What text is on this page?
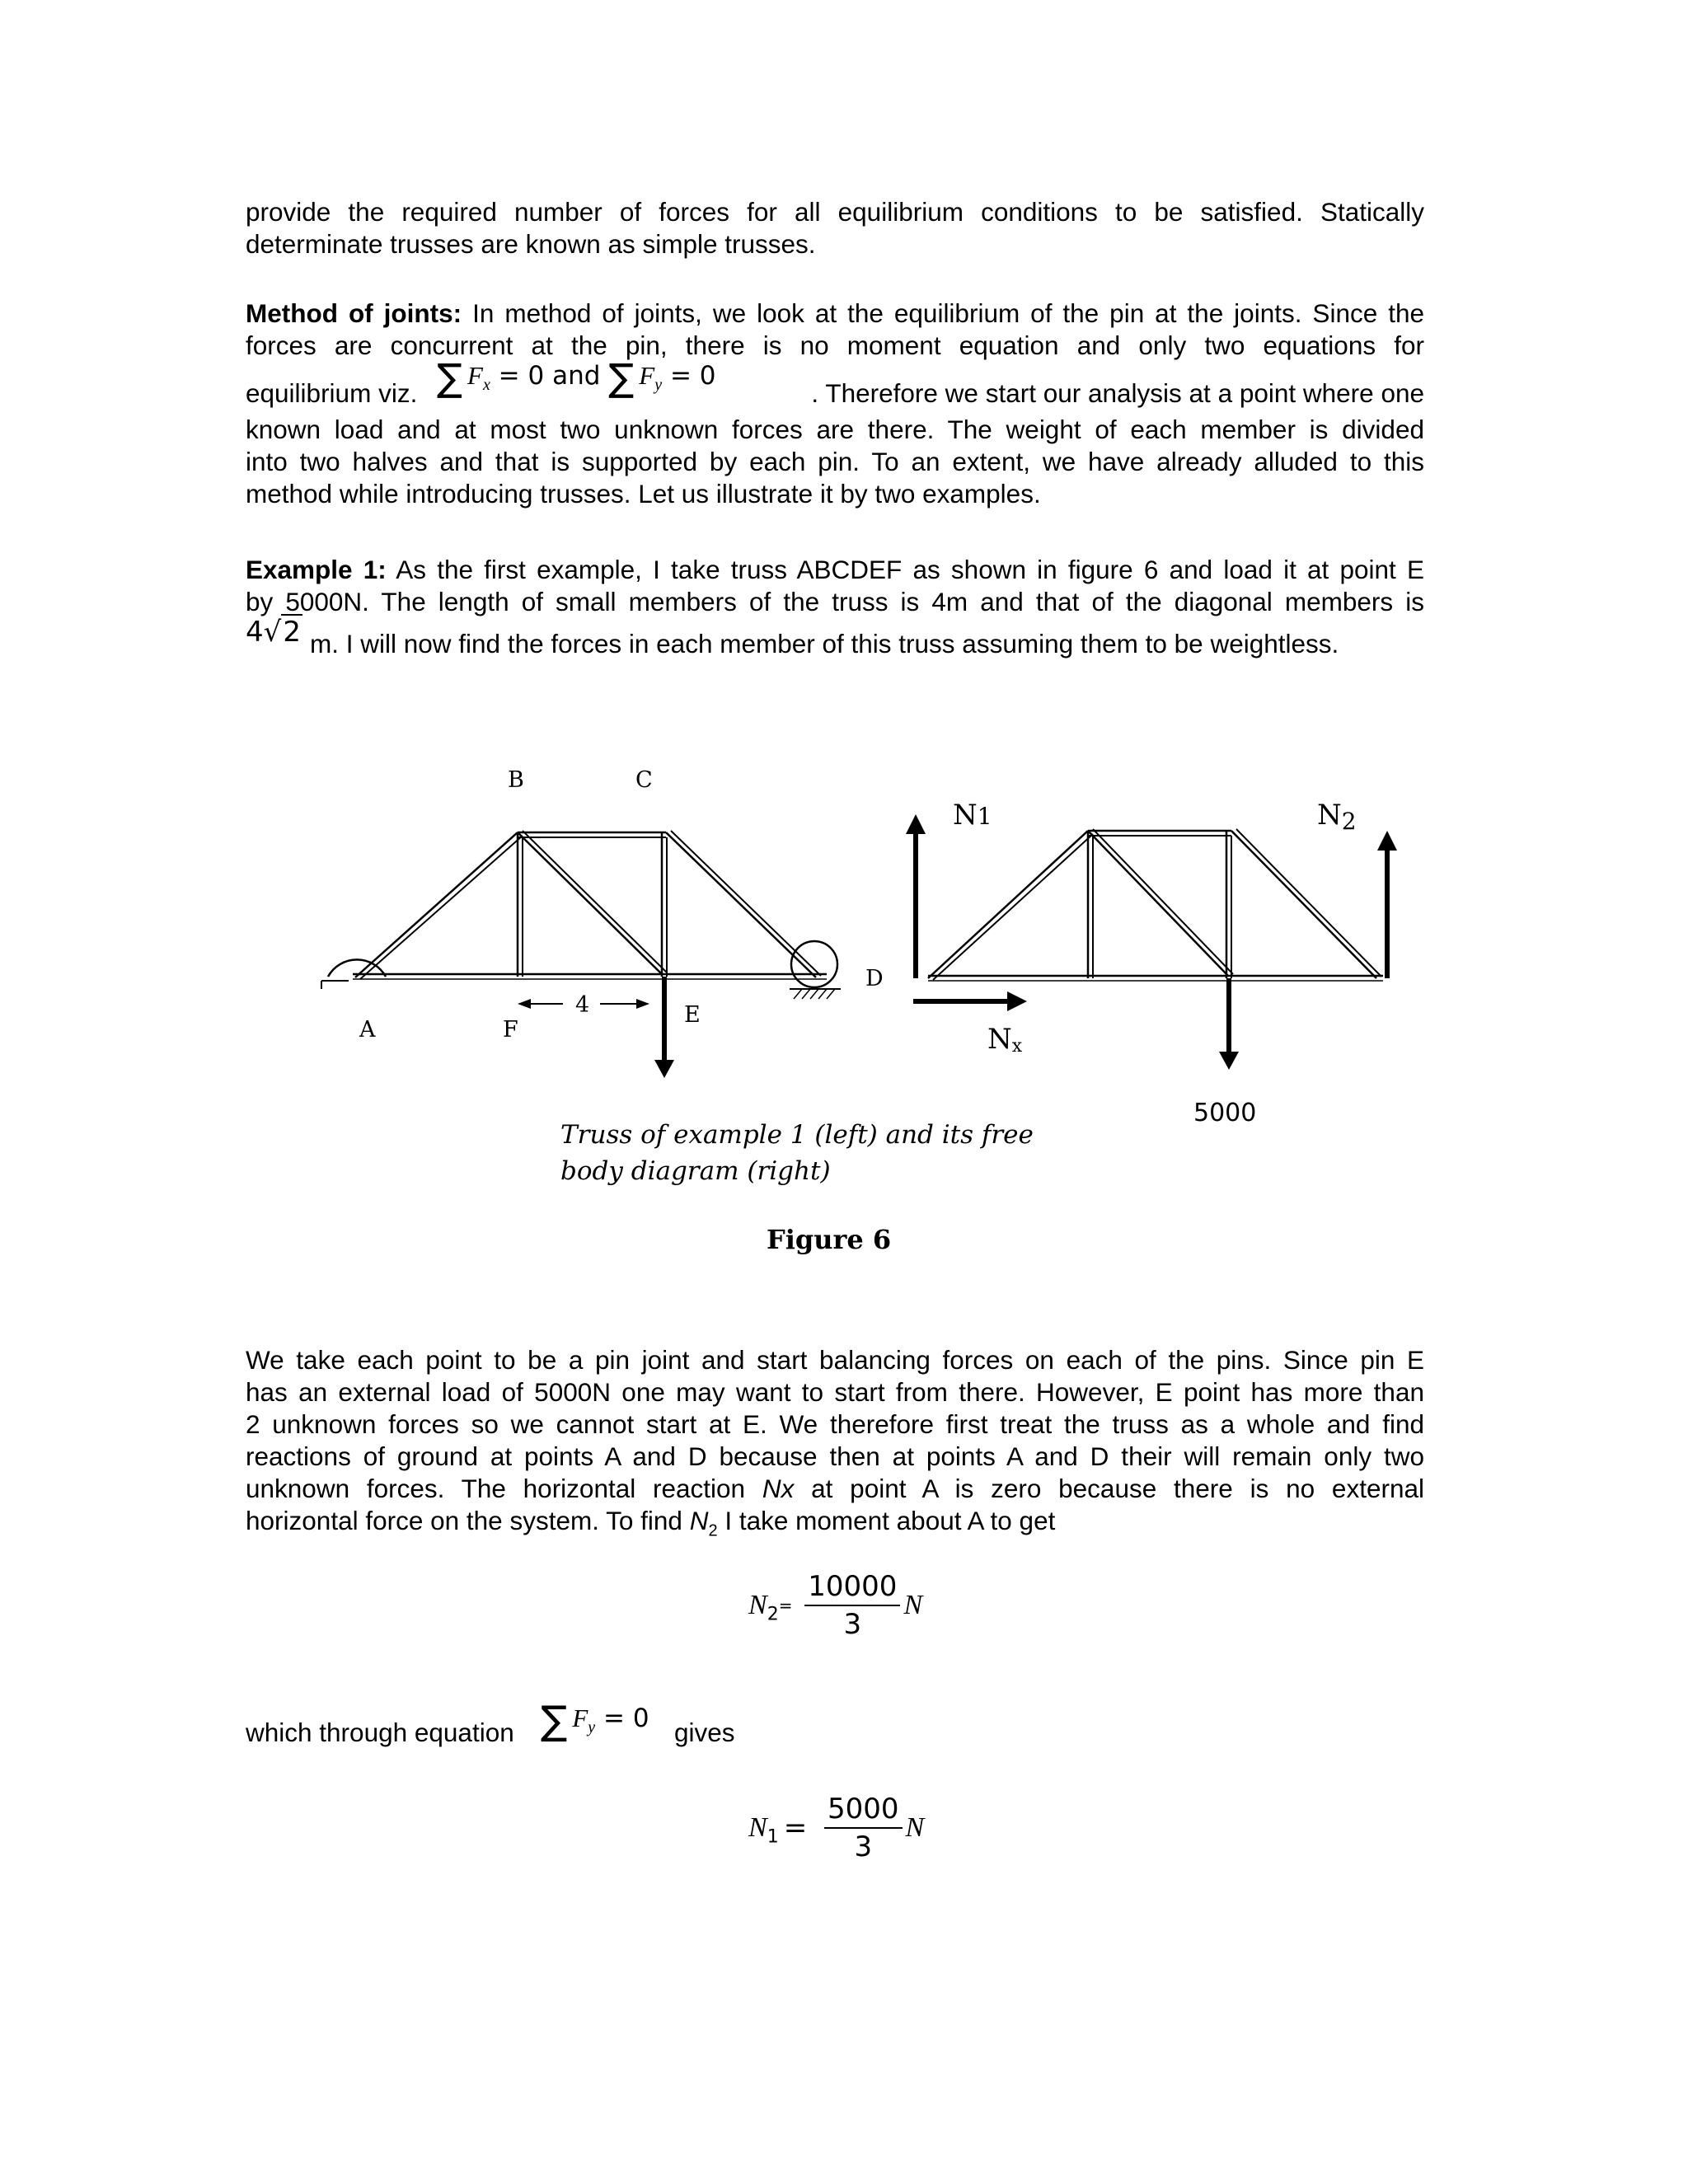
provide the required number of forces for all equilibrium conditions to be satisfied. Statically
determinate trusses are known as simple trusses.

Method of joints: In method of joints, we look at the equilibrium of the pin at the joints. Since the
forces are concurrent at the pin, there is no moment equation and only two equations for
equilibrium viz. ∑ $F_x = 0$ and ∑ $F_y = 0$
. Therefore we start our analysis at a point where one
known load and at most two unknown forces are there. The weight of each member is divided
into two halves and that is supported by each pin. To an extent, we have already alluded to this
method while introducing trusses. Let us illustrate it by two examples.
Example 1: As the first example, I take truss ABCDEF as shown in figure 6 and load it at point E
by 5000N. The length of small members of the truss is 4m and that of the diagonal members is
4√2 m. I will now find the forces in each member of this truss assuming them to be weightless.
B	C
A	F
E
D
4
N1	N2
Nx
5000
Truss of example 1 (left) and its free
body diagram (right)
Figure 6
We take each point to be a pin joint and start balancing forces on each of the pins. Since pin E
has an external load of 5000N one may want to start from there. However, E point has more than
2 unknown forces so we cannot start at E. We therefore first treat the truss as a whole and find
reactions of ground at points A and D because then at points A and D their will remain only two
unknown forces. The horizontal reaction Nx at point A is zero because there is no external
horizontal force on the system. To find $N_2$ I take moment about A to get
$N_2= \frac{10000}{3}$ N
which through equation ∑ $F_y = 0$ gives
$N_1 = \frac{5000}{3}$ N
